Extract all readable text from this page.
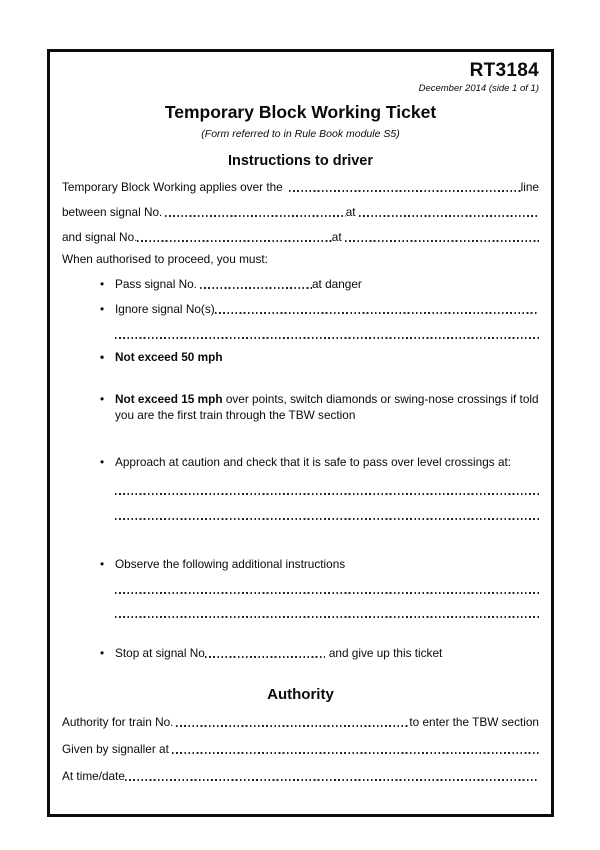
RT3184
December 2014 (side 1 of 1)
Temporary Block Working Ticket
(Form referred to in Rule Book module S5)
Instructions to driver
Temporary Block Working applies over the	line
between signal No.	at
and signal No.	at
When authorised to proceed, you must:
• Pass signal No.	at danger
• Ignore signal No(s)
• Not exceed 50 mph
• Not exceed 15 mph over points, switch diamonds or swing-nose crossings if told you are the first train through the TBW section
• Approach at caution and check that it is safe to pass over level crossings at:
• Observe the following additional instructions
• Stop at signal No	and give up this ticket
Authority
Authority for train No.	to enter the TBW section
Given by signaller at
At time/date
